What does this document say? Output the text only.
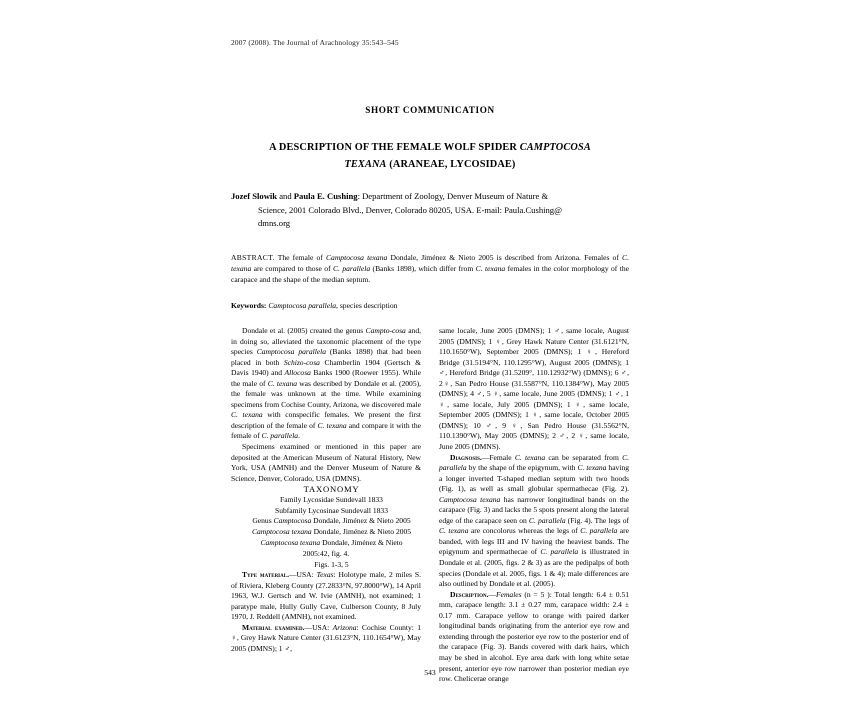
2007 (2008). The Journal of Arachnology 35:543–545
SHORT COMMUNICATION
A DESCRIPTION OF THE FEMALE WOLF SPIDER CAMPTOCOSA
TEXANA (ARANEAE, LYCOSIDAE)
Jozef Slowik and Paula E. Cushing: Department of Zoology, Denver Museum of Nature &
Science, 2001 Colorado Blvd., Denver, Colorado 80205, USA. E-mail: Paula.Cushing@
dmns.org
ABSTRACT. The female of Camptocosa texana Dondale, Jiménez & Nieto 2005 is described from Arizona. Females of C. texana are compared to those of C. parallela (Banks 1898), which differ from C. texana females in the color morphology of the carapace and the shape of the median septum.
Keywords: Camptocosa parallela, species description

Dondale et al. (2005) created the genus Campto-cosa and, in doing so, alleviated the taxonomic placement of the type species Camptocosa parallela (Banks 1898) that had been placed in both Schizo-cosa Chamberlin 1904 (Gertsch & Davis 1940) and Allocosa Banks 1900 (Roewer 1955). While the male of C. texana was described by Dondale et al. (2005), the female was unknown at the time. While examining specimens from Cochise County, Arizona, we discovered male C. texana with conspecific females. We present the first description of the female of C. texana and compare it with the female of C. parallela.

Specimens examined or mentioned in this paper are deposited at the American Museum of Natural History, New York, USA (AMNH) and the Denver Museum of Nature & Science, Denver, Colorado, USA (DMNS).

TAXONOMY

Family Lycosidae Sundevall 1833

Subfamily Lycosinae Sundevall 1833

Genus Camptocosa Dondale, Jiménez & Nieto 2005

Camptocosa texana Dondale, Jiménez & Nieto 2005

Camptocosa texana Dondale, Jiménez & Nieto
2005:42, fig. 4.

Figs. 1-3, 5

Type material.—USA: Texas: Holotype male, 2 miles S. of Riviera, Kleberg County (27.2833°N, 97.8000°W), 14 April 1963, W.J. Gertsch and W. Ivie (AMNH), not examined; 1 paratype male, Hully Gully Cave, Culberson County, 8 July 1970, J. Reddell (AMNH), not examined.

Material examined.—USA: Arizona: Cochise County: 1 ♀, Grey Hawk Nature Center (31.6123°N, 110.1654°W), May 2005 (DMNS); 1 ♂,

same locale, June 2005 (DMNS); 1 ♂, same locale, August 2005 (DMNS); 1 ♀, Grey Hawk Nature Center (31.6121°N, 110.1650°W), September 2005 (DMNS); 1 ♀, Hereford Bridge (31.5194°N, 110.1295°W), August 2005 (DMNS); 1 ♂, Hereford Bridge (31.5209°, 110.12932°W) (DMNS); 6 ♂, 2♀, San Pedro House (31.5587°N, 110.1384°W), May 2005 (DMNS); 4 ♂, 5 ♀, same locale, June 2005 (DMNS); 1 ♂, 1 ♀, same locale, July 2005 (DMNS); 1 ♀, same locale, September 2005 (DMNS); 1 ♀, same locale, October 2005 (DMNS); 10 ♂, 9 ♀, San Pedro House (31.5562°N, 110.1390°W), May 2005 (DMNS); 2 ♂, 2 ♀, same locale, June 2005 (DMNS).

Diagnosis.—Female C. texana can be separated from C. parallela by the shape of the epigynum, with C. texana having a longer inverted T-shaped median septum with two hoods (Fig. 1), as well as small globular spermathecae (Fig. 2). Camptocosa texana has narrower longitudinal bands on the carapace (Fig. 3) and lacks the 5 spots present along the lateral edge of the carapace seen on C. parallela (Fig. 4). The legs of C. texana are concolorus whereas the legs of C. parallela are banded, with legs III and IV having the heaviest bands. The epigynum and spermathecae of C. parallela is illustrated in Dondale et al. (2005, figs. 2 & 3) as are the pedipalps of both species (Dondale et al. 2005, figs. 1 & 4); male differences are also outlined by Dondale et al. (2005).

Description.—Females (n = 5 ): Total length: 6.4 ± 0.51 mm, carapace length: 3.1 ± 0.27 mm, carapace width: 2.4 ± 0.17 mm. Carapace yellow to orange with paired darker longitudinal bands originating from the anterior eye row and extending through the posterior eye row to the posterior end of the carapace (Fig. 3). Bands covered with dark hairs, which may be shed in alcohol. Eye area dark with long white setae present, anterior eye row narrower than posterior median eye row. Chelicerae orange

543
